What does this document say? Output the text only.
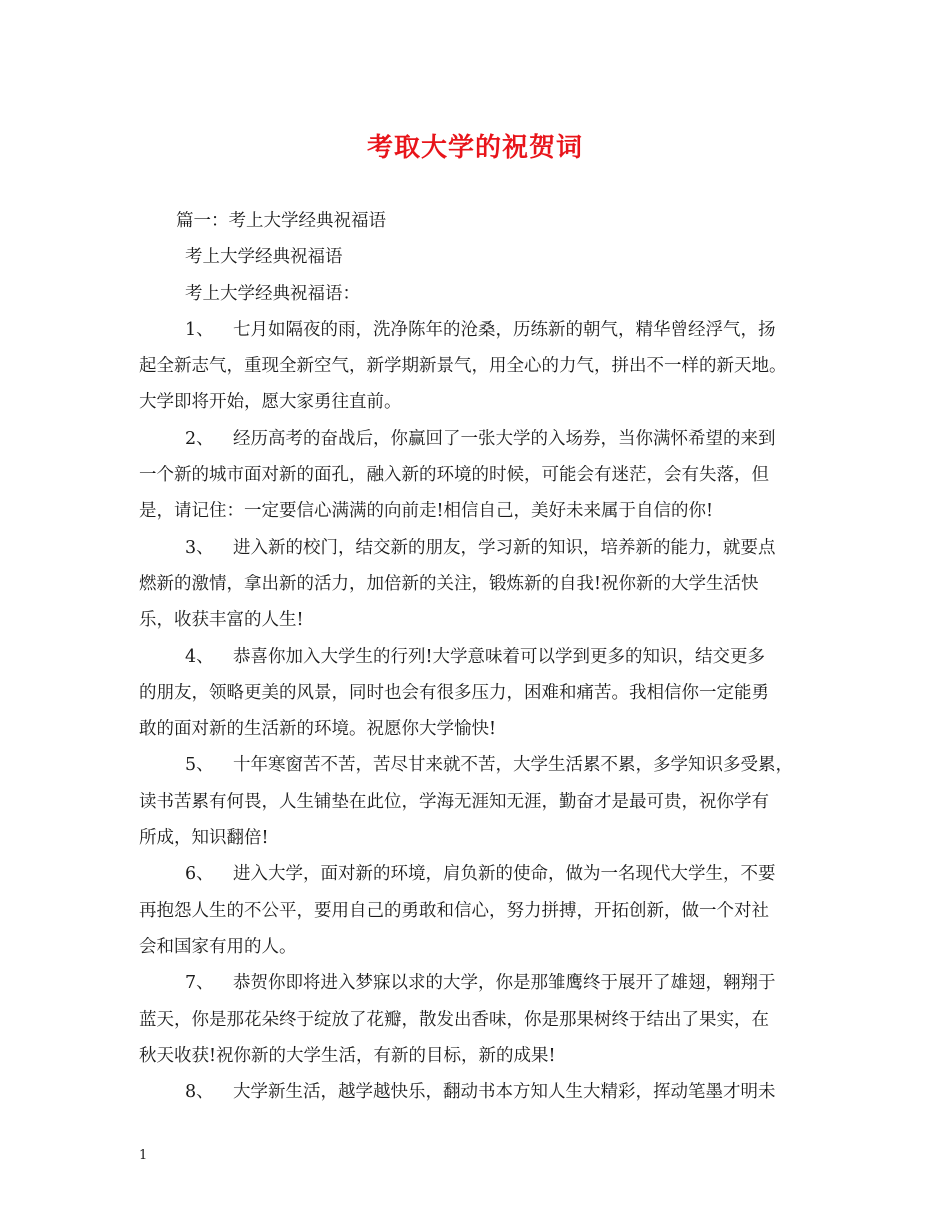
考取大学的祝贺词
篇一：考上大学经典祝福语
考上大学经典祝福语
考上大学经典祝福语：
1、 七月如隔夜的雨，洗净陈年的沧桑，历练新的朝气，精华曾经浮气，扬
起全新志气，重现全新空气，新学期新景气，用全心的力气，拼出不一样的新天地。
大学即将开始，愿大家勇往直前。
2、 经历高考的奋战后，你赢回了一张大学的入场券，当你满怀希望的来到
一个新的城市面对新的面孔，融入新的环境的时候，可能会有迷茫，会有失落，但
是，请记住：一定要信心满满的向前走!相信自己，美好未来属于自信的你!
3、 进入新的校门，结交新的朋友，学习新的知识，培养新的能力，就要点
燃新的激情，拿出新的活力，加倍新的关注，锻炼新的自我!祝你新的大学生活快
乐，收获丰富的人生!
4、 恭喜你加入大学生的行列!大学意味着可以学到更多的知识，结交更多
的朋友，领略更美的风景，同时也会有很多压力，困难和痛苦。我相信你一定能勇
敢的面对新的生活新的环境。祝愿你大学愉快!
5、 十年寒窗苦不苦，苦尽甘来就不苦，大学生活累不累，多学知识多受累，
读书苦累有何畏，人生铺垫在此位，学海无涯知无涯，勤奋才是最可贵，祝你学有
所成，知识翻倍!
6、 进入大学，面对新的环境，肩负新的使命，做为一名现代大学生，不要
再抱怨人生的不公平，要用自己的勇敢和信心，努力拼搏，开拓创新，做一个对社
会和国家有用的人。
7、 恭贺你即将进入梦寐以求的大学，你是那雏鹰终于展开了雄翅，翱翔于
蓝天，你是那花朵终于绽放了花瓣，散发出香味，你是那果树终于结出了果实，在
秋天收获!祝你新的大学生活，有新的目标，新的成果!
8、 大学新生活，越学越快乐，翻动书本方知人生大精彩，挥动笔墨才明未
1
